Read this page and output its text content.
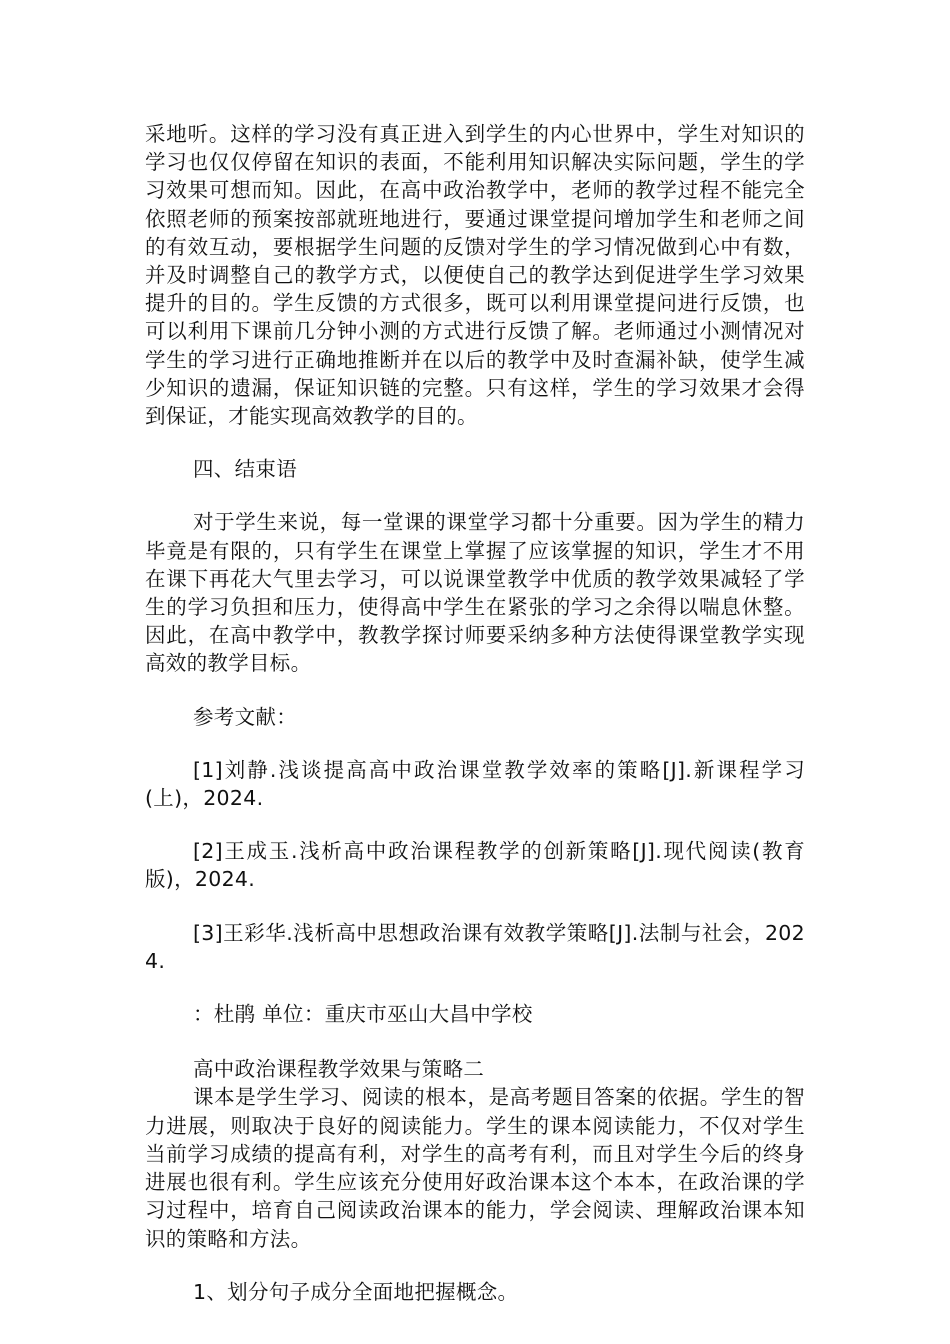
采地听。这样的学习没有真正进入到学生的内心世界中，学生对知识的学习也仅仅停留在知识的表面，不能利用知识解决实际问题，学生的学习效果可想而知。因此，在高中政治教学中，老师的教学过程不能完全依照老师的预案按部就班地进行，要通过课堂提问增加学生和老师之间的有效互动，要根据学生问题的反馈对学生的学习情况做到心中有数，并及时调整自己的教学方式，以便使自己的教学达到促进学生学习效果提升的目的。学生反馈的方式很多，既可以利用课堂提问进行反馈，也可以利用下课前几分钟小测的方式进行反馈了解。老师通过小测情况对学生的学习进行正确地推断并在以后的教学中及时查漏补缺，使学生减少知识的遗漏，保证知识链的完整。只有这样，学生的学习效果才会得到保证，才能实现高效教学的目的。

四、结束语

对于学生来说，每一堂课的课堂学习都十分重要。因为学生的精力毕竟是有限的，只有学生在课堂上掌握了应该掌握的知识，学生才不用在课下再花大气里去学习，可以说课堂教学中优质的教学效果减轻了学生的学习负担和压力，使得高中学生在紧张的学习之余得以喘息休整。因此，在高中教学中，教教学探讨师要采纳多种方法使得课堂教学实现高效的教学目标。

参考文献：

[1]刘静.浅谈提高高中政治课堂教学效率的策略[J].新课程学习(上)，2024.

[2]王成玉.浅析高中政治课程教学的创新策略[J].现代阅读(教育版)，2024.

[3]王彩华.浅析高中思想政治课有效教学策略[J].法制与社会，2024.

：杜鹃 单位：重庆市巫山大昌中学校

高中政治课程教学效果与策略二

课本是学生学习、阅读的根本，是高考题目答案的依据。学生的智力进展，则取决于良好的阅读能力。学生的课本阅读能力，不仅对学生当前学习成绩的提高有利，对学生的高考有利，而且对学生今后的终身进展也很有利。学生应该充分使用好政治课本这个本本，在政治课的学习过程中，培育自己阅读政治课本的能力，学会阅读、理解政治课本知识的策略和方法。

1、划分句子成分全面地把握概念。
